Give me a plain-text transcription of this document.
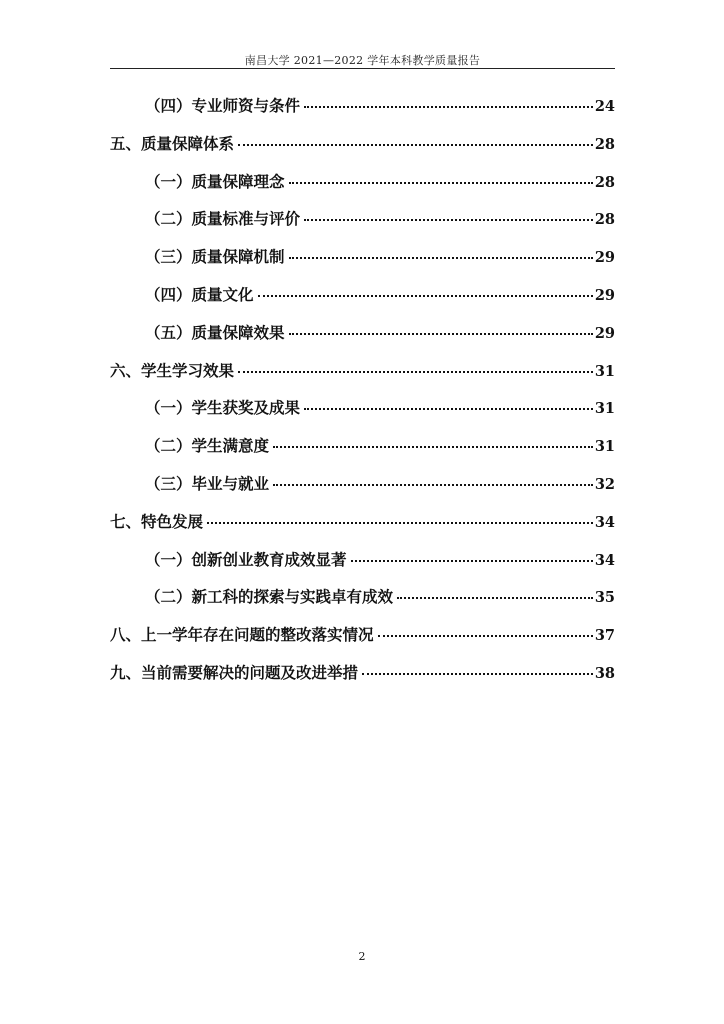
南昌大学 2021—2022 学年本科教学质量报告
（四）专业师资与条件	24
五、质量保障体系	28
（一）质量保障理念	28
（二）质量标准与评价	28
（三）质量保障机制	29
（四）质量文化	29
（五）质量保障效果	29
六、学生学习效果	31
（一）学生获奖及成果	31
（二）学生满意度	31
（三）毕业与就业	32
七、特色发展	34
（一）创新创业教育成效显著	34
（二）新工科的探索与实践卓有成效	35
八、上一学年存在问题的整改落实情况	37
九、当前需要解决的问题及改进举措	38
2
